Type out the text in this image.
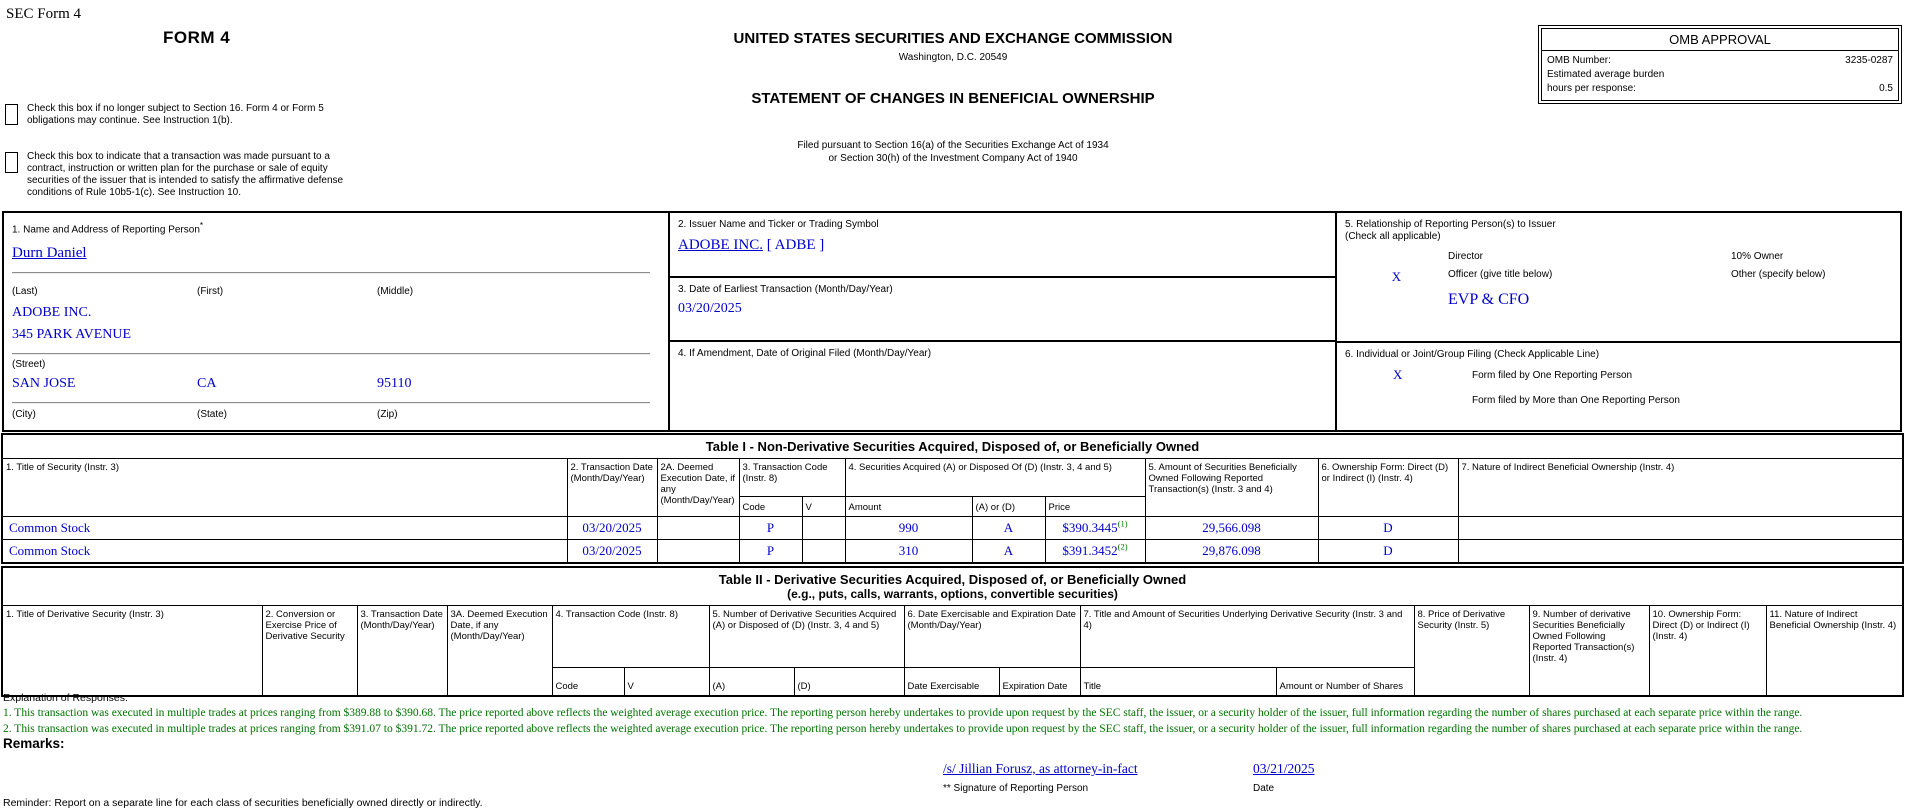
SEC Form 4
FORM 4	UNITED STATES SECURITIES AND EXCHANGE COMMISSION
Washington, D.C. 20549
STATEMENT OF CHANGES IN BENEFICIAL OWNERSHIP
Filed pursuant to Section 16(a) of the Securities Exchange Act of 1934
or Section 30(h) of the Investment Company Act of 1940
OMB APPROVAL
OMB Number:	3235-0287
Estimated average burden
hours per response:	0.5
Check this box if no longer subject to Section 16. Form 4 or Form 5 obligations may continue. See Instruction 1(b).
Check this box to indicate that a transaction was made pursuant to a contract, instruction or written plan for the purchase or sale of equity securities of the issuer that is intended to satisfy the affirmative defense conditions of Rule 10b5-1(c). See Instruction 10.
1. Name and Address of Reporting Person*
Durn Daniel
(Last)	(First)	(Middle)
ADOBE INC.
345 PARK AVENUE
(Street)
SAN JOSE	CA	95110
(City)	(State)	(Zip)
2. Issuer Name and Ticker or Trading Symbol
ADOBE INC. [ ADBE ]
3. Date of Earliest Transaction (Month/Day/Year)
03/20/2025
4. If Amendment, Date of Original Filed (Month/Day/Year)
5. Relationship of Reporting Person(s) to Issuer
(Check all applicable)
Director	10% Owner
X	Officer (give title below)	Other (specify below)
EVP & CFO
6. Individual or Joint/Group Filing (Check Applicable Line)
X	Form filed by One Reporting Person
Form filed by More than One Reporting Person
Table I - Non-Derivative Securities Acquired, Disposed of, or Beneficially Owned										
1. Title of Security (Instr. 3)	2. Transaction Date (Month/Day/Year)	2A. Deemed Execution Date, if any (Month/Day/Year)	3. Transaction Code (Instr. 8)		4. Securities Acquired (A) or Disposed Of (D) (Instr. 3, 4 and 5)			5. Amount of Securities Beneficially Owned Following Reported Transaction(s) (Instr. 3 and 4)	6. Ownership Form: Direct (D) or Indirect (I) (Instr. 4)	7. Nature of Indirect Beneficial Ownership (Instr. 4)
			Code	V	Amount	(A) or (D)	Price			
Common Stock	03/20/2025		P		990	A	$390.3445$^{(1)}$	29,566.098	D	
Common Stock	03/20/2025		P		310	A	$391.3452$^{(2)}$	29,876.098	D	
Table II - Derivative Securities Acquired, Disposed of, or Beneficially Owned
(e.g., puts, calls, warrants, options, convertible securities)															

1. Title of Derivative Security (Instr. 3)	2. Conversion or Exercise Price of Derivative Security	3. Transaction Date (Month/Day/Year)	3A. Deemed Execution Date, if any (Month/Day/Year)	4. Transaction Code (Instr. 8)		5. Number of Derivative Securities Acquired (A) or Disposed of (D) (Instr. 3, 4 and 5)		6. Date Exercisable and Expiration Date (Month/Day/Year)		7. Title and Amount of Securities Underlying Derivative Security (Instr. 3 and 4)		8. Price of Derivative Security (Instr. 5)	9. Number of derivative Securities Beneficially Owned Following Reported Transaction(s) (Instr. 4)	10. Ownership Form: Direct (D) or Indirect (I) (Instr. 4)	11. Nature of Indirect Beneficial Ownership (Instr. 4)
				Code	V	(A)	(D)	Date Exercisable	Expiration Date	Title	Amount or Number of Shares				
Explanation of Responses:
1. This transaction was executed in multiple trades at prices ranging from $389.88 to $390.68. The price reported above reflects the weighted average execution price. The reporting person hereby undertakes to provide upon request by the SEC staff, the issuer, or a security holder of the issuer, full information regarding the number of shares purchased at each separate price within the range.
2. This transaction was executed in multiple trades at prices ranging from $391.07 to $391.72. The price reported above reflects the weighted average execution price. The reporting person hereby undertakes to provide upon request by the SEC staff, the issuer, or a security holder of the issuer, full information regarding the number of shares purchased at each separate price within the range.
Remarks:
/s/ Jillian Forusz, as attorney-in-fact
** Signature of Reporting Person
03/21/2025
Date
Reminder: Report on a separate line for each class of securities beneficially owned directly or indirectly.
